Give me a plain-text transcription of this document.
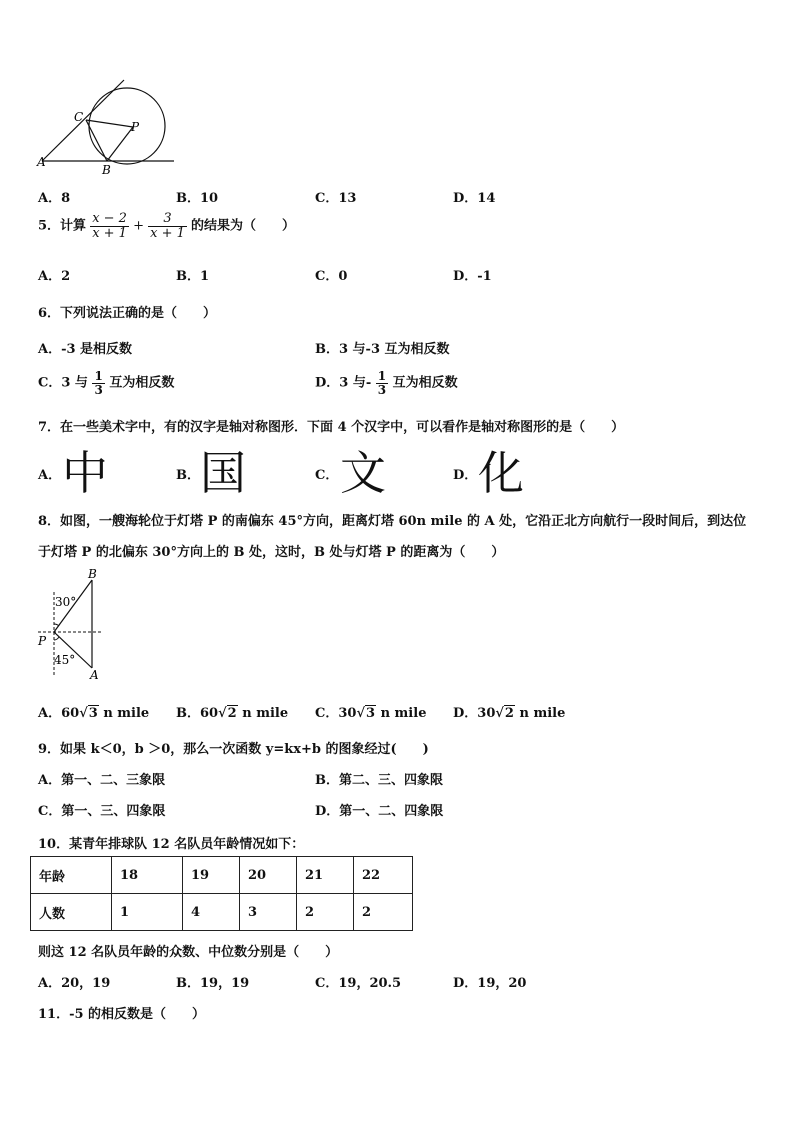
C
P
A
B
A．8	B．10	C．13	D．14
5．计算 $\frac{x - 2}{x + 1} + \frac{3}{x + 1}$ 的结果为（　　）
A．2	B．1	C．0	D．-1
6．下列说法正确的是（　　）
A．-3 是相反数	B．3 与-3 互为相反数
C．3 与 $\frac{1}{3}$ 互为相反数	D．3 与- $\frac{1}{3}$ 互为相反数
7．在一些美术字中，有的汉字是轴对称图形．下面 4 个汉字中，可以看作是轴对称图形的是（　　）
A． 中	B． 国	C． 文	D． 化
8．如图，一艘海轮位于灯塔 P 的南偏东 45°方向，距离灯塔 60n mile 的 A 处，它沿正北方向航行一段时间后，到达位
于灯塔 P 的北偏东 30°方向上的 B 处，这时，B 处与灯塔 P 的距离为（　　）
B
30°
P
45°
A
A．60√3 n mile B．60√2 n mile C．30√3 n mile D．30√2 n mile
9．如果 k＜0，b ＞0，那么一次函数 y=kx+b 的图象经过(　　)
A．第一、二、三象限	B．第二、三、四象限
C．第一、三、四象限	D．第一、二、四象限
10．某青年排球队 12 名队员年龄情况如下：
年龄	18	19	20	21	22
人数	1	4	3	2	2
则这 12 名队员年龄的众数、中位数分别是（　　）
A．20，19	B．19，19	C．19，20.5	D．19，20
11．-5 的相反数是（　　）
